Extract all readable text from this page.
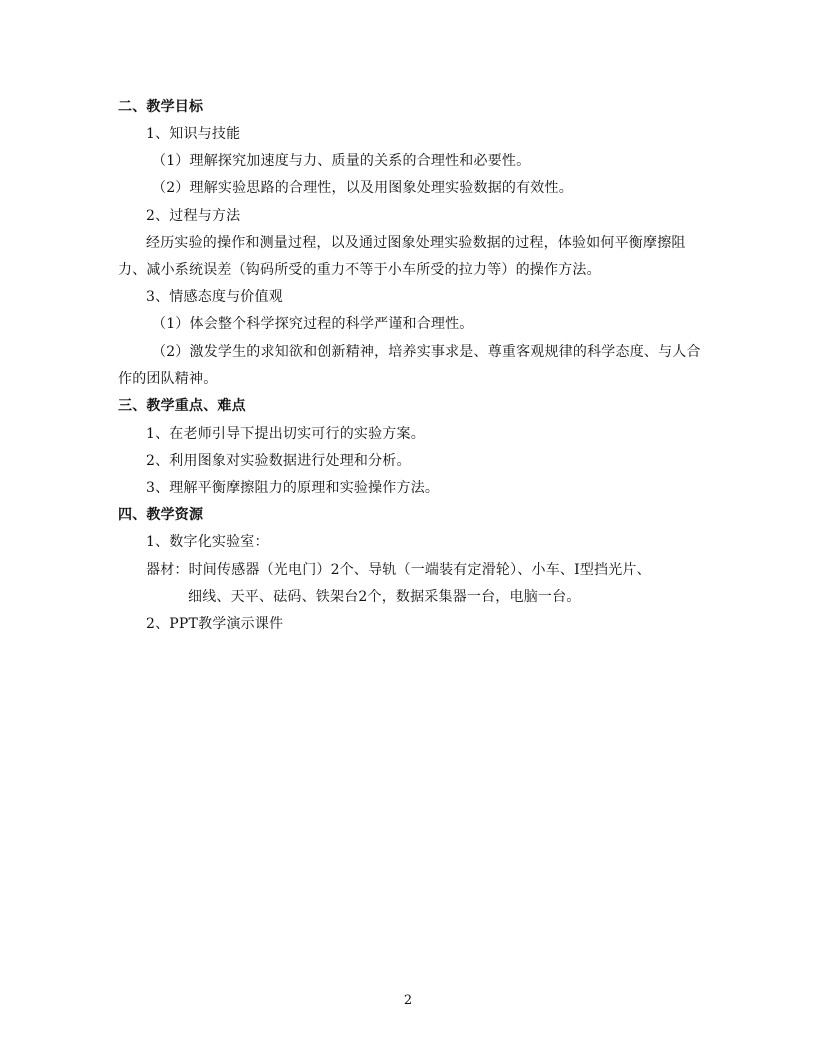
二、教学目标
1、知识与技能
（1）理解探究加速度与力、质量的关系的合理性和必要性。
（2）理解实验思路的合理性，以及用图象处理实验数据的有效性。
2、过程与方法
经历实验的操作和测量过程，以及通过图象处理实验数据的过程，体验如何平衡摩擦阻
力、减小系统误差（钩码所受的重力不等于小车所受的拉力等）的操作方法。
3、情感态度与价值观
（1）体会整个科学探究过程的科学严谨和合理性。
（2）激发学生的求知欲和创新精神，培养实事求是、尊重客观规律的科学态度、与人合
作的团队精神。
三、教学重点、难点
1、在老师引导下提出切实可行的实验方案。
2、利用图象对实验数据进行处理和分析。
3、理解平衡摩擦阻力的原理和实验操作方法。
四、教学资源
1、数字化实验室：
器材：时间传感器（光电门）2个、导轨（一端装有定滑轮）、小车、I型挡光片、
细线、天平、砝码、铁架台2个，数据采集器一台，电脑一台。
2、PPT教学演示课件
2
